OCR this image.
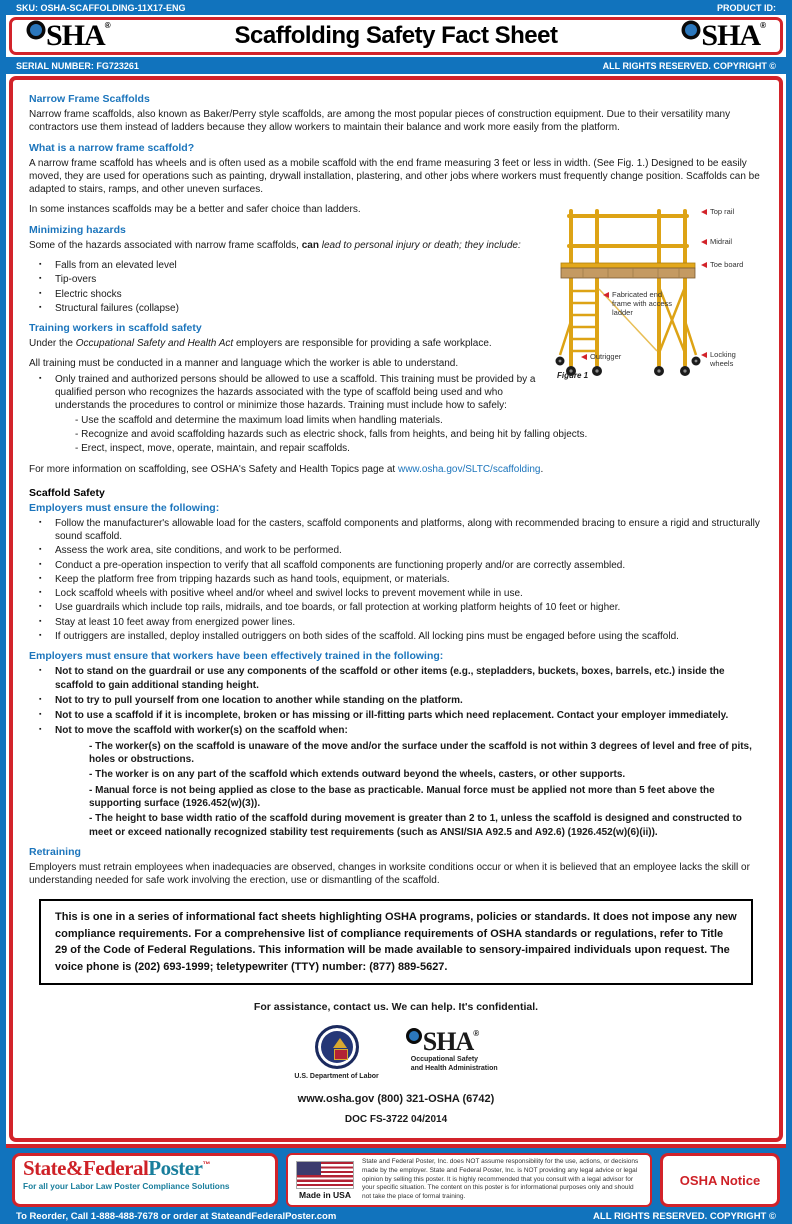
SKU: OSHA-SCAFFOLDING-11X17-ENG	PRODUCT ID:
SHA ®	Scaffolding Safety Fact Sheet	SHA ®
SERIAL NUMBER: FG723261	ALL RIGHTS RESERVED. COPYRIGHT ©
Narrow Frame Scaffolds

Narrow frame scaffolds, also known as Baker/Perry style scaffolds, are among the most popular pieces of construction equipment. Due to their versatility many contractors use them instead of ladders because they allow workers to maintain their balance and work more easily from the platform.

What is a narrow frame scaffold?

A narrow frame scaffold has wheels and is often used as a mobile scaffold with the end frame measuring 3 feet or less in width. (See Fig. 1.) Designed to be easily moved, they are used for operations such as painting, drywall installation, plastering, and other jobs where workers must frequently change position. Scaffolds can be adapted to stairs, ramps, and other uneven surfaces.

Top rail
Midrail
Toe board
Fabricated end frame with access ladder
Outrigger	Locking wheels
Figure 1

In some instances scaffolds may be a better and safer choice than ladders.

Minimizing hazards

Some of the hazards associated with narrow frame scaffolds, can lead to personal injury or death; they include:

▪ Falls from an elevated level
▪ Tip-overs
▪ Electric shocks
▪ Structural failures (collapse)
Training workers in scaffold safety

Under the Occupational Safety and Health Act employers are responsible for providing a safe workplace.

All training must be conducted in a manner and language which the worker is able to understand.

▪ Only trained and authorized persons should be allowed to use a scaffold. This training must be provided by a qualified person who recognizes the hazards associated with the type of scaffold being used and who understands the procedures to control or minimize those hazards. Training must include how to safely:
- Use the scaffold and determine the maximum load limits when handling materials.
- Recognize and avoid scaffolding hazards such as electric shock, falls from heights, and being hit by falling objects.
- Erect, inspect, move, operate, maintain, and repair scaffolds.

For more information on scaffolding, see OSHA's Safety and Health Topics page at www.osha.gov/SLTC/scaffolding.

Scaffold Safety
Employers must ensure the following:
▪ Follow the manufacturer's allowable load for the casters, scaffold components and platforms, along with recommended bracing to ensure a rigid and structurally sound scaffold.
▪ Assess the work area, site conditions, and work to be performed.
▪ Conduct a pre-operation inspection to verify that all scaffold components are functioning properly and/or are correctly assembled.
▪ Keep the platform free from tripping hazards such as hand tools, equipment, or materials.
▪ Lock scaffold wheels with positive wheel and/or wheel and swivel locks to prevent movement while in use.
▪ Use guardrails which include top rails, midrails, and toe boards, or fall protection at working platform heights of 10 feet or higher.
▪ Stay at least 10 feet away from energized power lines.
▪ If outriggers are installed, deploy installed outriggers on both sides of the scaffold. All locking pins must be engaged before using the scaffold.
Employers must ensure that workers have been effectively trained in the following:
▪ Not to stand on the guardrail or use any components of the scaffold or other items (e.g., stepladders, buckets, boxes, barrels, etc.) inside the scaffold to gain additional standing height.
▪ Not to try to pull yourself from one location to another while standing on the platform.
▪ Not to use a scaffold if it is incomplete, broken or has missing or ill-fitting parts which need replacement. Contact your employer immediately.
▪ Not to move the scaffold with worker(s) on the scaffold when:
- The worker(s) on the scaffold is unaware of the move and/or the surface under the scaffold is not within 3 degrees of level and free of pits, holes or obstructions.
- The worker is on any part of the scaffold which extends outward beyond the wheels, casters, or other supports.
- Manual force is not being applied as close to the base as practicable. Manual force must be applied not more than 5 feet above the supporting surface (1926.452(w)(3)).
- The height to base width ratio of the scaffold during movement is greater than 2 to 1, unless the scaffold is designed and constructed to meet or exceed nationally recognized stability test requirements (such as ANSI/SIA A92.5 and A92.6) (1926.452(w)(6)(ii)).
Retraining

Employers must retrain employees when inadequacies are observed, changes in worksite conditions occur or when it is believed that an employee lacks the skill or understanding needed for safe work involving the erection, use or dismantling of the scaffold.

This is one in a series of informational fact sheets highlighting OSHA programs, policies or standards. It does not impose any new compliance requirements. For a comprehensive list of compliance requirements of OSHA standards or regulations, refer to Title 29 of the Code of Federal Regulations. This information will be made available to sensory-impaired individuals upon request. The voice phone is (202) 693-1999; teletypewriter (TTY) number: (877) 889-5627.

For assistance, contact us. We can help. It's confidential.

U.S. Department of Labor
SHA ®
Occupational Safety
and Health Administration

www.osha.gov (800) 321-OSHA (6742)

DOC FS-3722 04/2014

State&FederalPoster™
For all your Labor Law Poster Compliance Solutions
Made in USA
State and Federal Poster, Inc. does NOT assume responsibility for the use, actions, or decisions made by the employer. State and Federal Poster, Inc. is NOT providing any legal advice or legal opinion by selling this poster. It is highly recommended that you consult with a legal advisor for your specific situation. The content on this poster is for informational purposes only and should not take the place of formal training.
OSHA Notice
To Reorder, Call 1-888-488-7678 or order at StateandFederalPoster.com	ALL RIGHTS RESERVED. COPYRIGHT ©
